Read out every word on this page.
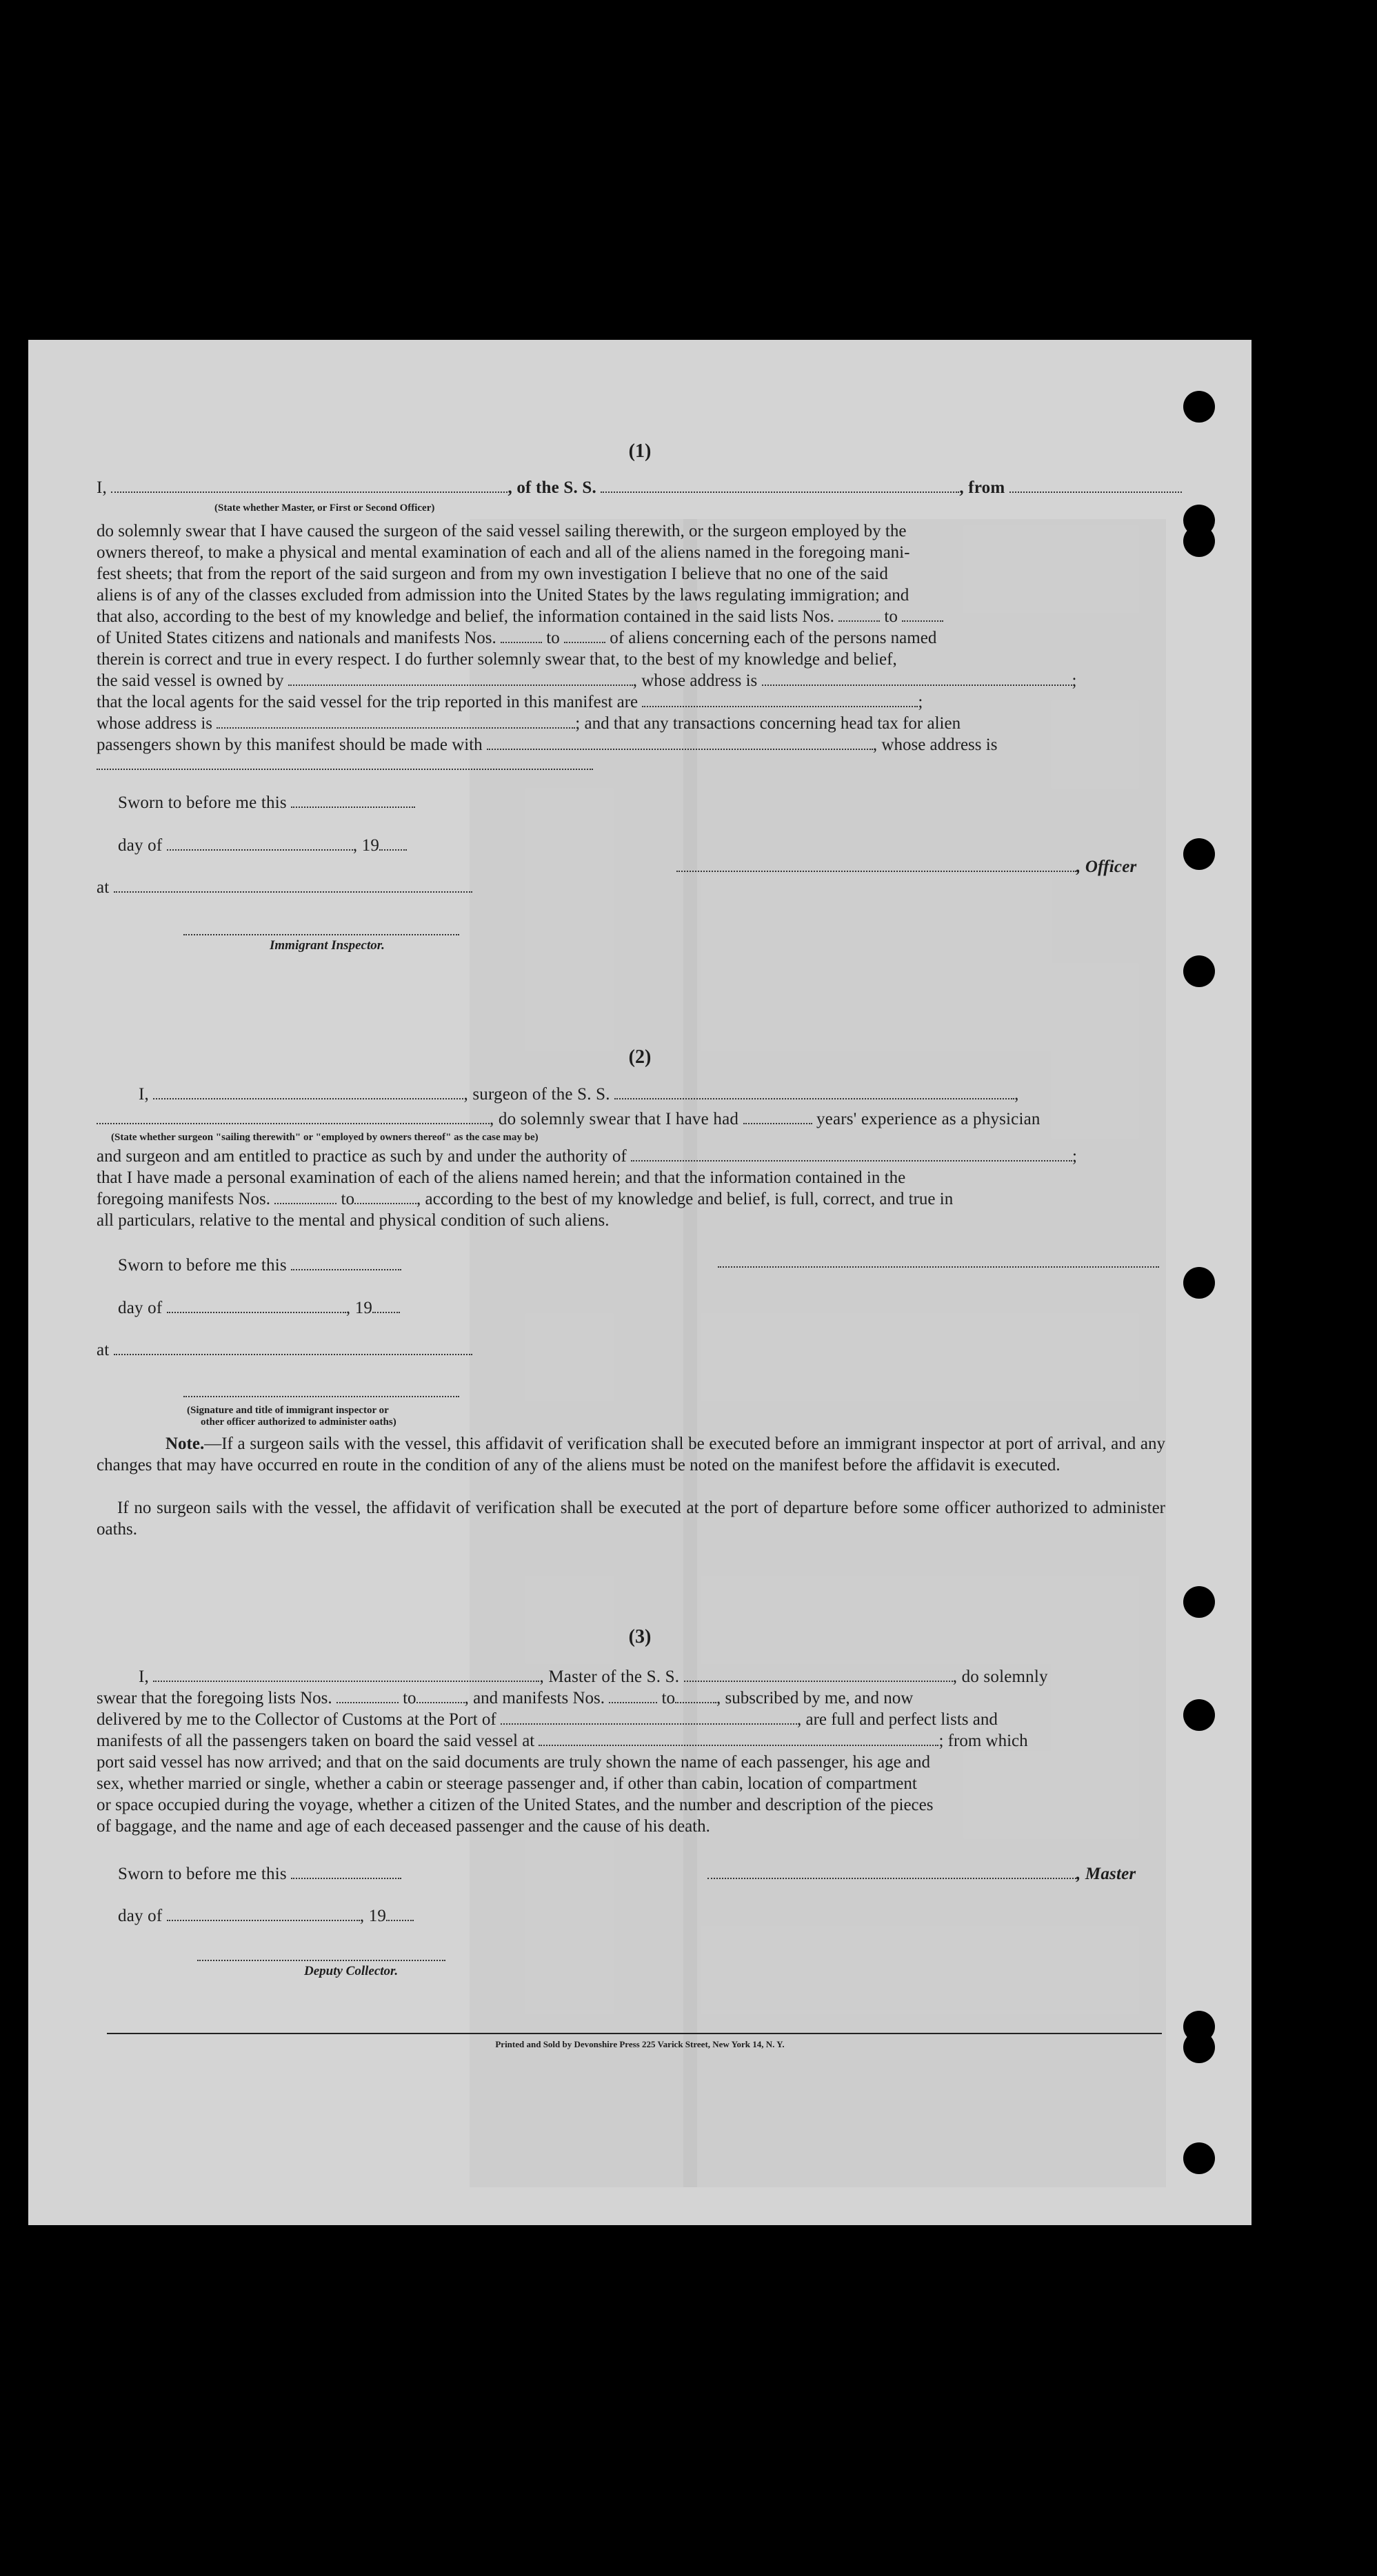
(1)
I,	, of the S. S.	, from
(State whether Master, or First or Second Officer)
do solemnly swear that I have caused the surgeon of the said vessel sailing therewith, or the surgeon employed by the
owners thereof, to make a physical and mental examination of each and all of the aliens named in the foregoing mani-
fest sheets; that from the report of the said surgeon and from my own investigation I believe that no one of the said
aliens is of any of the classes excluded from admission into the United States by the laws regulating immigration; and
that also, according to the best of my knowledge and belief, the information contained in the said lists Nos.	to
of United States citizens and nationals and manifests Nos.	to	of aliens concerning each of the persons named
therein is correct and true in every respect. I do further solemnly swear that, to the best of my knowledge and belief,
the said vessel is owned by	, whose address is	;
that the local agents for the said vessel for the trip reported in this manifest are	;
whose address is	; and that any transactions concerning head tax for alien
passengers shown by this manifest should be made with	, whose address is
Sworn to before me this
day of	, 19
at
, Officer
Immigrant Inspector.
(2)
I,	, surgeon of the S. S.	,
, do solemnly swear that I have had	years' experience as a physician
(State whether surgeon "sailing therewith" or "employed by owners thereof" as the case may be)
and surgeon and am entitled to practice as such by and under the authority of	;
that I have made a personal examination of each of the aliens named herein; and that the information contained in the
foregoing manifests Nos.	to	, according to the best of my knowledge and belief, is full, correct, and true in
all particulars, relative to the mental and physical condition of such aliens.
Sworn to before me this
day of	, 19
at
(Signature and title of immigrant inspector or
other officer authorized to administer oaths)
Note.—If a surgeon sails with the vessel, this affidavit of verification shall be executed before an immigrant inspector at port of arrival, and any changes that may have occurred en route in the condition of any of the aliens must be noted on the manifest before the affidavit is executed.
If no surgeon sails with the vessel, the affidavit of verification shall be executed at the port of departure before some officer authorized to administer oaths.
(3)
I,	, Master of the S. S.	, do solemnly
swear that the foregoing lists Nos.	to	, and manifests Nos.	to , subscribed by me, and now
delivered by me to the Collector of Customs at the Port of	, are full and perfect lists and
manifests of all the passengers taken on board the said vessel at	; from which
port said vessel has now arrived; and that on the said documents are truly shown the name of each passenger, his age and
sex, whether married or single, whether a cabin or steerage passenger and, if other than cabin, location of compartment
or space occupied during the voyage, whether a citizen of the United States, and the number and description of the pieces
of baggage, and the name and age of each deceased passenger and the cause of his death.
Sworn to before me this	, Master
day of	, 19
Deputy Collector.
Printed and Sold by Devonshire Press 225 Varick Street, New York 14, N. Y.
